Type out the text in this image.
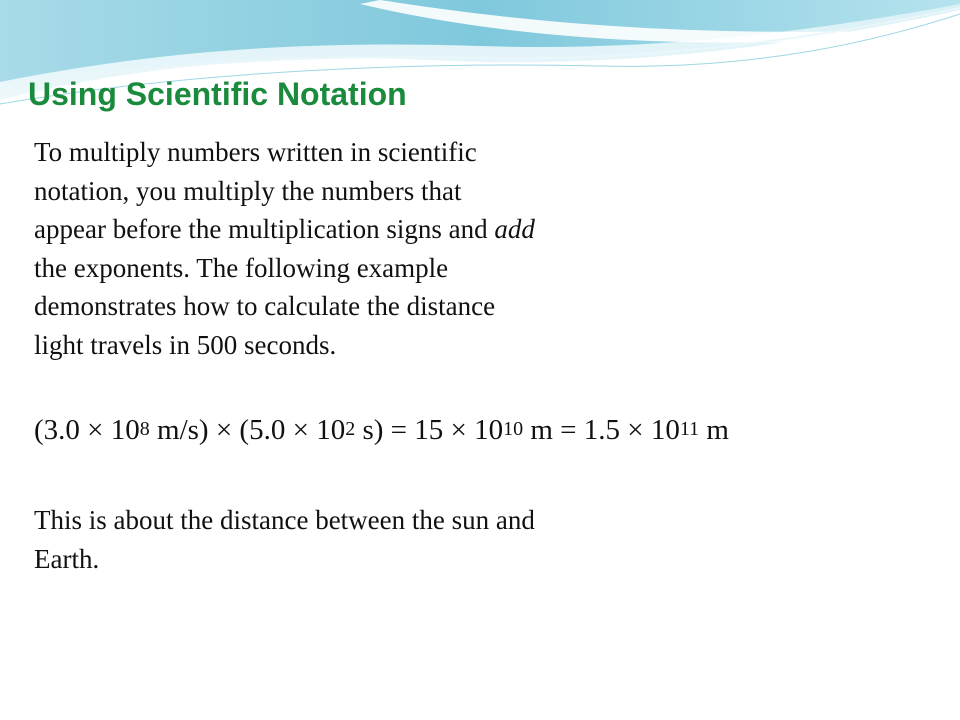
Using Scientific Notation

To multiply numbers written in scientific
notation, you multiply the numbers that
appear before the multiplication signs and add
the exponents. The following example
demonstrates how to calculate the distance
light travels in 500 seconds.

($3.0 \times 10^8$ $m/s) \times (5.0 \times 10^2$ $s) = 15 \times 10^{10}$ $m = 1.5 \times 10^{11}$ m

This is about the distance between the sun and
Earth.
